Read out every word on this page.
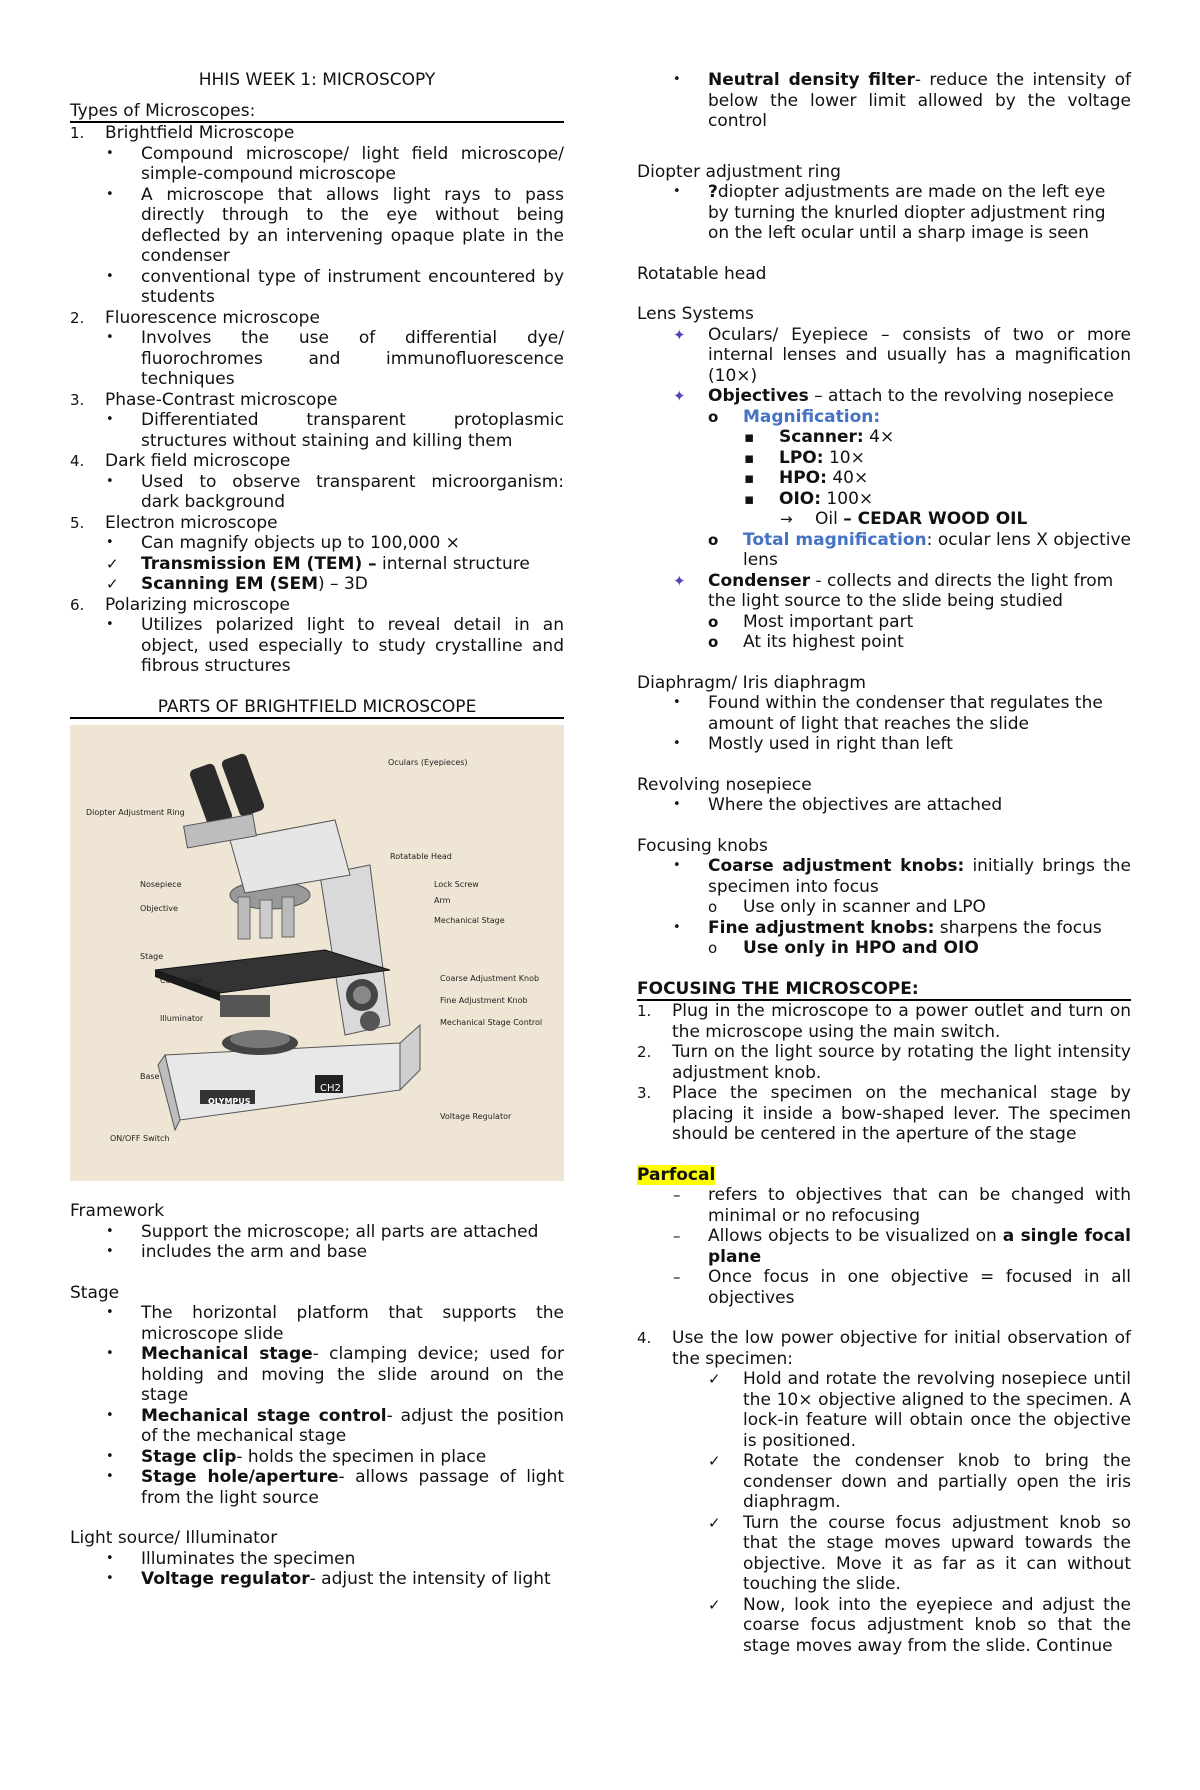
HHIS WEEK 1: MICROSCOPY

Types of Microscopes:

1. Brightfield Microscope
• Compound microscope/ light field microscope/ simple-compound microscope
• A microscope that allows light rays to pass directly through to the eye without being deflected by an intervening opaque plate in the condenser
• conventional type of instrument encountered by students
2. Fluorescence microscope
• Involves the use of differential dye/ fluorochromes and immunofluorescence techniques
3. Phase-Contrast microscope
• Differentiated transparent protoplasmic structures without staining and killing them
4. Dark field microscope
• Used to observe transparent microorganism: dark background
5. Electron microscope
• Can magnify objects up to 100,000 ×
✓ Transmission EM (TEM) – internal structure
✓ Scanning EM (SEM) – 3D
6. Polarizing microscope
• Utilizes polarized light to reveal detail in an object, used especially to study crystalline and fibrous structures

PARTS OF BRIGHTFIELD MICROSCOPE

Oculars (Eyepieces)
Diopter Adjustment Ring
Rotatable Head
Nosepiece	Lock Screw
Arm
Objective
Mechanical Stage
Stage
Condenser	Coarse Adjustment Knob
Fine Adjustment Knob
Illuminator	Mechanical Stage Control
Base
OLYMPUS
CH2
Voltage Regulator
ON/OFF Switch

Framework

• Support the microscope; all parts are attached
• includes the arm and base

Stage

• The horizontal platform that supports the microscope slide
• Mechanical stage- clamping device; used for holding and moving the slide around on the stage
• Mechanical stage control- adjust the position of the mechanical stage
• Stage clip- holds the specimen in place
• Stage hole/aperture- allows passage of light from the light source

Light source/ Illuminator

• Illuminates the specimen
• Voltage regulator- adjust the intensity of light
• Neutral density filter- reduce the intensity of below the lower limit allowed by the voltage control

Diopter adjustment ring

• ?diopter adjustments are made on the left eye by turning the knurled diopter adjustment ring on the left ocular until a sharp image is seen

Rotatable head

Lens Systems

✦ Oculars/ Eyepiece – consists of two or more internal lenses and usually has a magnification (10×)
✦ Objectives – attach to the revolving nosepiece
o Magnification:
▪ Scanner: 4×
▪ LPO: 10×
▪ HPO: 40×
▪ OIO: 100×
→ Oil – CEDAR WOOD OIL
o Total magnification: ocular lens X objective lens
✦ Condenser - collects and directs the light from the light source to the slide being studied
o Most important part
o At its highest point

Diaphragm/ Iris diaphragm

• Found within the condenser that regulates the amount of light that reaches the slide
• Mostly used in right than left

Revolving nosepiece

• Where the objectives are attached

Focusing knobs

• Coarse adjustment knobs: initially brings the specimen into focus
o Use only in scanner and LPO
• Fine adjustment knobs: sharpens the focus
o Use only in HPO and OIO

FOCUSING THE MICROSCOPE:

1. Plug in the microscope to a power outlet and turn on the microscope using the main switch.
2. Turn on the light source by rotating the light intensity adjustment knob.
3. Place the specimen on the mechanical stage by placing it inside a bow-shaped lever. The specimen should be centered in the aperture of the stage

Parfocal

– refers to objectives that can be changed with minimal or no refocusing
– Allows objects to be visualized on a single focal plane
– Once focus in one objective = focused in all objectives
4. Use the low power objective for initial observation of the specimen:
✓ Hold and rotate the revolving nosepiece until the 10× objective aligned to the specimen. A lock-in feature will obtain once the objective is positioned.
✓ Rotate the condenser knob to bring the condenser down and partially open the iris diaphragm.
✓ Turn the course focus adjustment knob so that the stage moves upward towards the objective. Move it as far as it can without touching the slide.
✓ Now, look into the eyepiece and adjust the coarse focus adjustment knob so that the stage moves away from the slide. Continue
